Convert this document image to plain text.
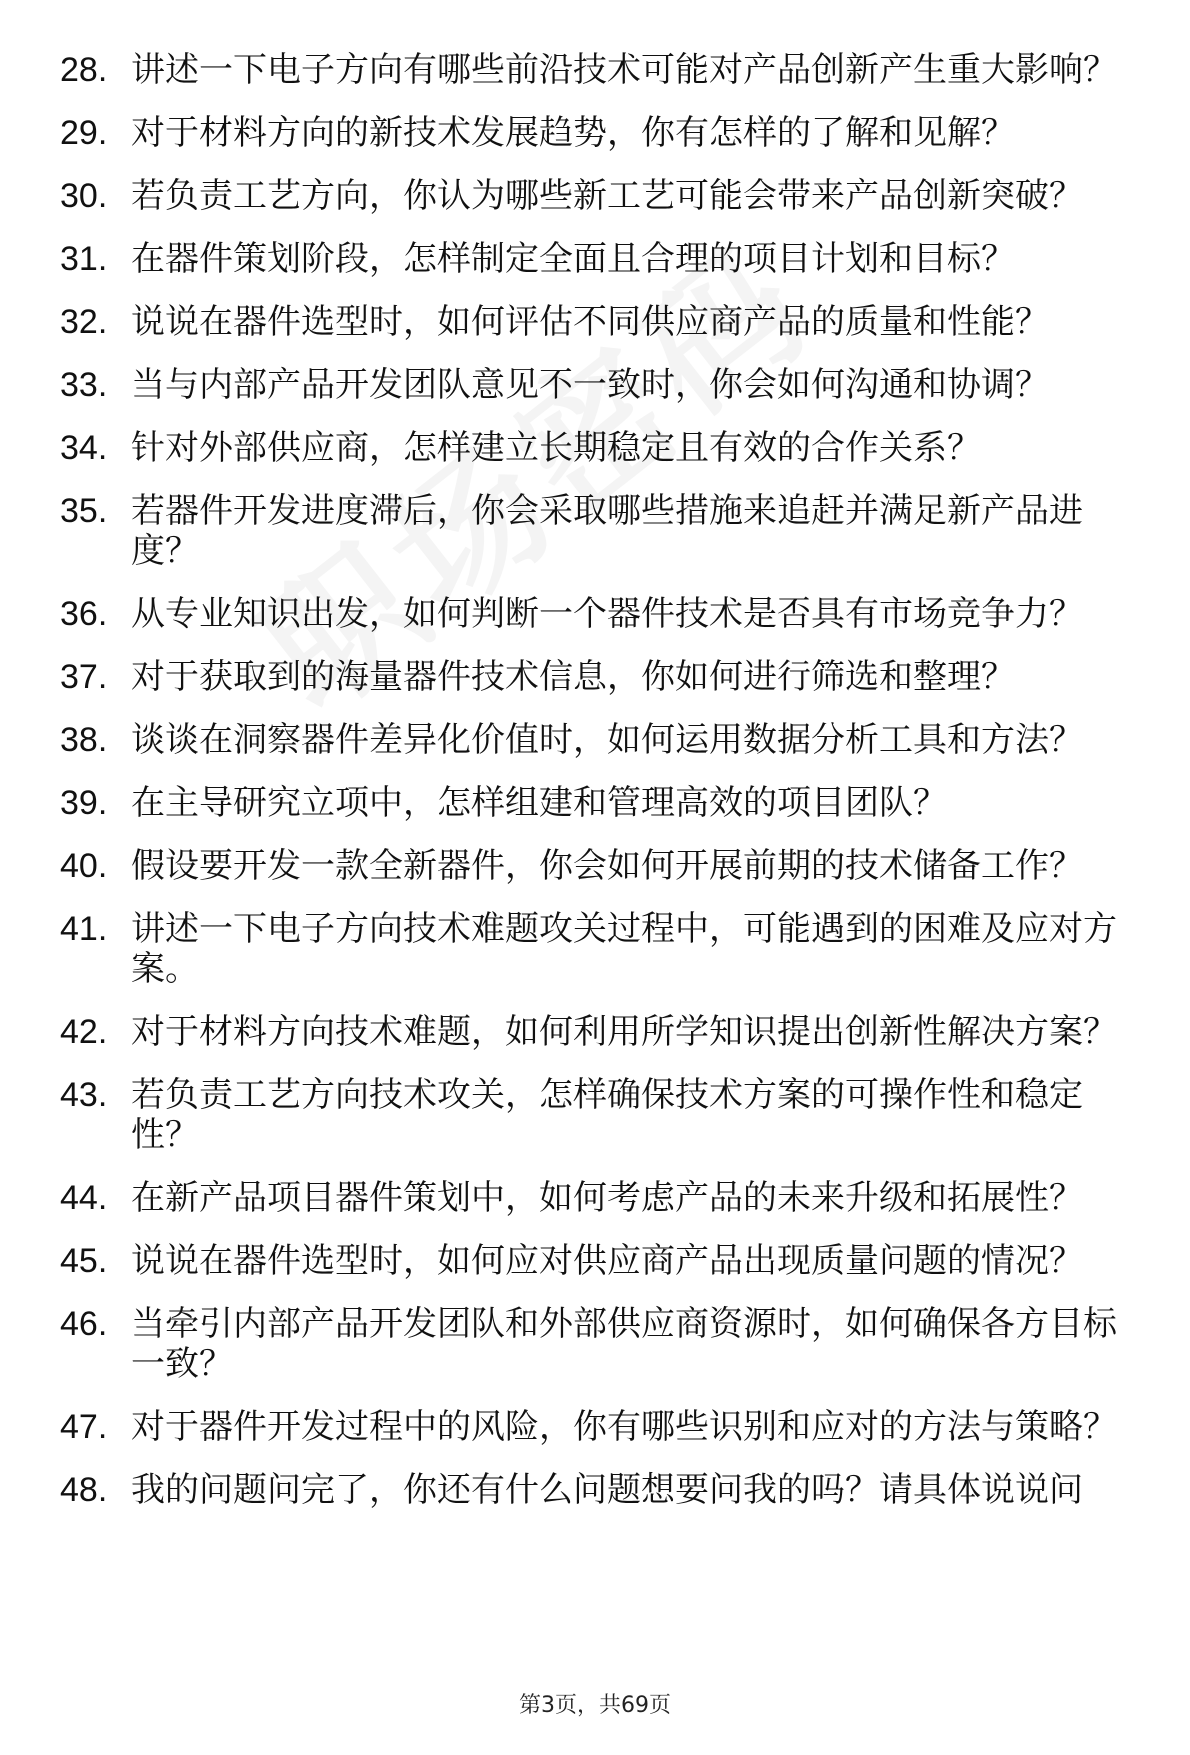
28. 讲述一下电子方向有哪些前沿技术可能对产品创新产生重大影响？
29. 对于材料方向的新技术发展趋势，你有怎样的了解和见解？
30. 若负责工艺方向，你认为哪些新工艺可能会带来产品创新突破？
31. 在器件策划阶段，怎样制定全面且合理的项目计划和目标？
32. 说说在器件选型时，如何评估不同供应商产品的质量和性能？
33. 当与内部产品开发团队意见不一致时，你会如何沟通和协调？
34. 针对外部供应商，怎样建立长期稳定且有效的合作关系？
35. 若器件开发进度滞后，你会采取哪些措施来追赶并满足新产品进度？
36. 从专业知识出发，如何判断一个器件技术是否具有市场竞争力？
37. 对于获取到的海量器件技术信息，你如何进行筛选和整理？
38. 谈谈在洞察器件差异化价值时，如何运用数据分析工具和方法？
39. 在主导研究立项中，怎样组建和管理高效的项目团队？
40. 假设要开发一款全新器件，你会如何开展前期的技术储备工作？
41. 讲述一下电子方向技术难题攻关过程中，可能遇到的困难及应对方案。
42. 对于材料方向技术难题，如何利用所学知识提出创新性解决方案？
43. 若负责工艺方向技术攻关，怎样确保技术方案的可操作性和稳定性？
44. 在新产品项目器件策划中，如何考虑产品的未来升级和拓展性？
45. 说说在器件选型时，如何应对供应商产品出现质量问题的情况？
46. 当牵引内部产品开发团队和外部供应商资源时，如何确保各方目标一致？
47. 对于器件开发过程中的风险，你有哪些识别和应对的方法与策略？
48. 我的问题问完了，你还有什么问题想要问我的吗？请具体说说问
第3页，共69页
